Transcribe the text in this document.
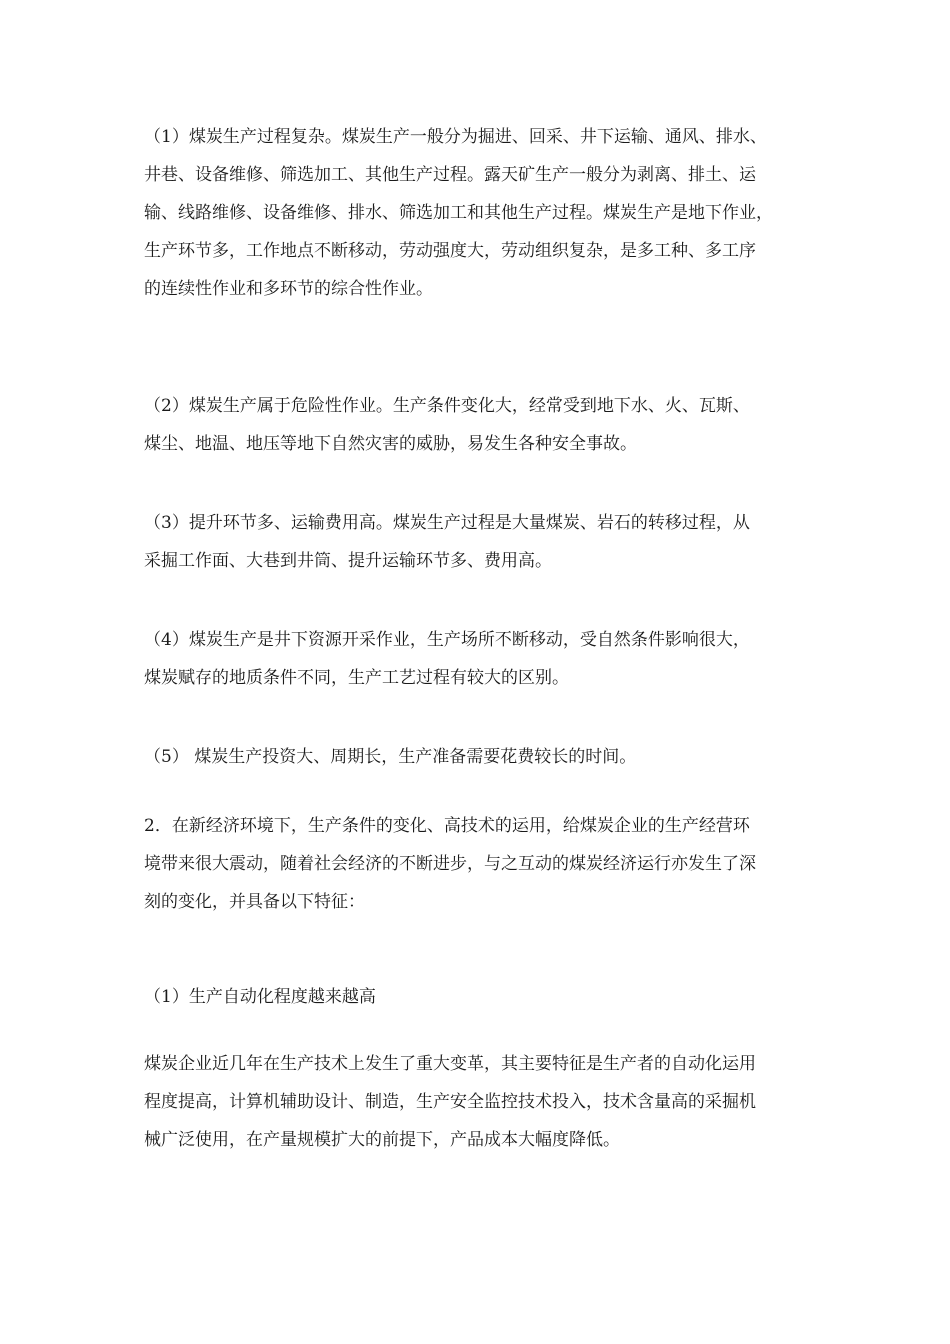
（1）煤炭生产过程复杂。煤炭生产一般分为掘进、回采、井下运输、通风、排水、
井巷、设备维修、筛选加工、其他生产过程。露天矿生产一般分为剥离、排土、运
输、线路维修、设备维修、排水、筛选加工和其他生产过程。煤炭生产是地下作业，
生产环节多，工作地点不断移动，劳动强度大，劳动组织复杂，是多工种、多工序
的连续性作业和多环节的综合性作业。
（2）煤炭生产属于危险性作业。生产条件变化大，经常受到地下水、火、瓦斯、
煤尘、地温、地压等地下自然灾害的威胁，易发生各种安全事故。
（3）提升环节多、运输费用高。煤炭生产过程是大量煤炭、岩石的转移过程，从
采掘工作面、大巷到井筒、提升运输环节多、费用高。
（4）煤炭生产是井下资源开采作业，生产场所不断移动，受自然条件影响很大，
煤炭赋存的地质条件不同，生产工艺过程有较大的区别。
（5） 煤炭生产投资大、周期长，生产准备需要花费较长的时间。
2．在新经济环境下，生产条件的变化、高技术的运用，给煤炭企业的生产经营环
境带来很大震动，随着社会经济的不断进步，与之互动的煤炭经济运行亦发生了深
刻的变化，并具备以下特征：
（1）生产自动化程度越来越高
煤炭企业近几年在生产技术上发生了重大变革，其主要特征是生产者的自动化运用
程度提高，计算机辅助设计、制造，生产安全监控技术投入，技术含量高的采掘机
械广泛使用，在产量规模扩大的前提下，产品成本大幅度降低。
